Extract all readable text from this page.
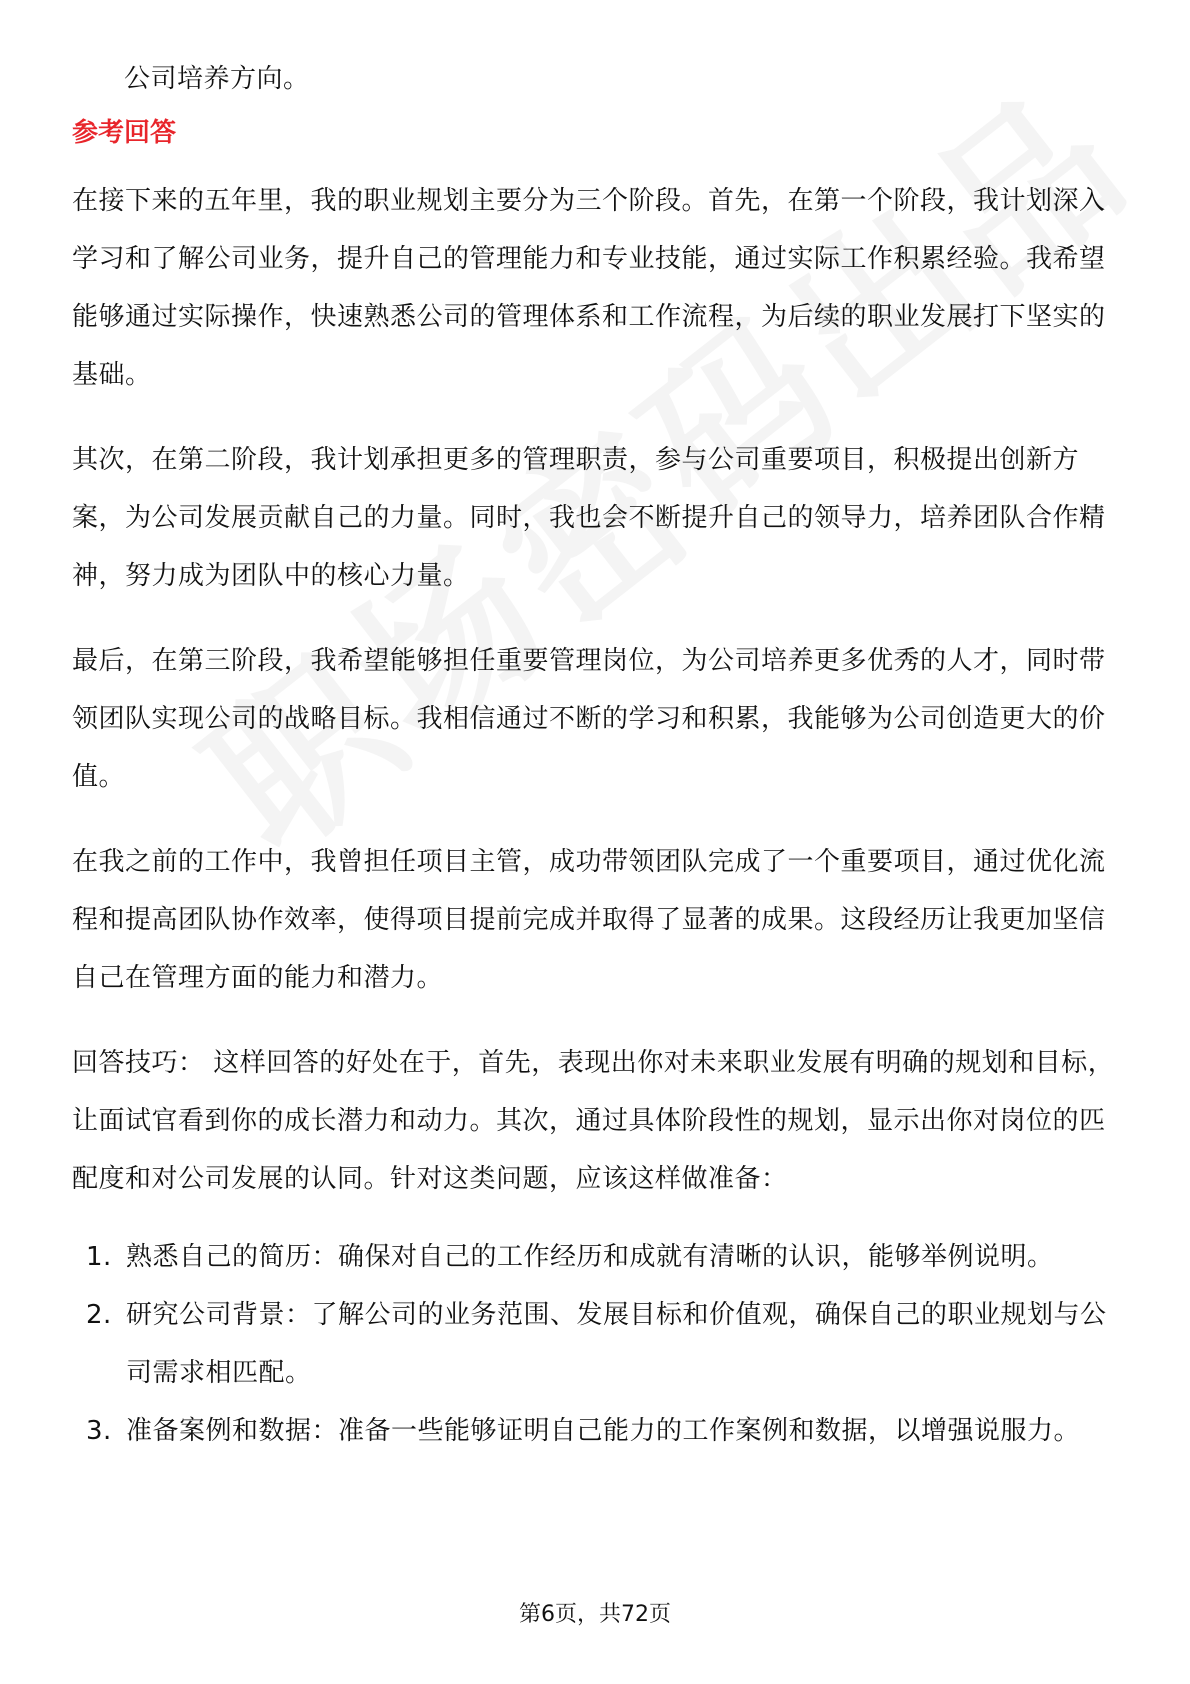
公司培养方向。

参考回答

在接下来的五年里，我的职业规划主要分为三个阶段。首先，在第一个阶段，我计划深入学习和了解公司业务，提升自己的管理能力和专业技能，通过实际工作积累经验。我希望能够通过实际操作，快速熟悉公司的管理体系和工作流程，为后续的职业发展打下坚实的基础。

其次，在第二阶段，我计划承担更多的管理职责，参与公司重要项目，积极提出创新方案，为公司发展贡献自己的力量。同时，我也会不断提升自己的领导力，培养团队合作精神，努力成为团队中的核心力量。

最后，在第三阶段，我希望能够担任重要管理岗位，为公司培养更多优秀的人才，同时带领团队实现公司的战略目标。我相信通过不断的学习和积累，我能够为公司创造更大的价值。

在我之前的工作中，我曾担任项目主管，成功带领团队完成了一个重要项目，通过优化流程和提高团队协作效率，使得项目提前完成并取得了显著的成果。这段经历让我更加坚信自己在管理方面的能力和潜力。

回答技巧： 这样回答的好处在于，首先，表现出你对未来职业发展有明确的规划和目标，让面试官看到你的成长潜力和动力。其次，通过具体阶段性的规划，显示出你对岗位的匹配度和对公司发展的认同。针对这类问题，应该这样做准备：

1. 熟悉自己的简历：确保对自己的工作经历和成就有清晰的认识，能够举例说明。
2. 研究公司背景：了解公司的业务范围、发展目标和价值观，确保自己的职业规划与公司需求相匹配。
3. 准备案例和数据：准备一些能够证明自己能力的工作案例和数据，以增强说服力。
第6页，共72页
